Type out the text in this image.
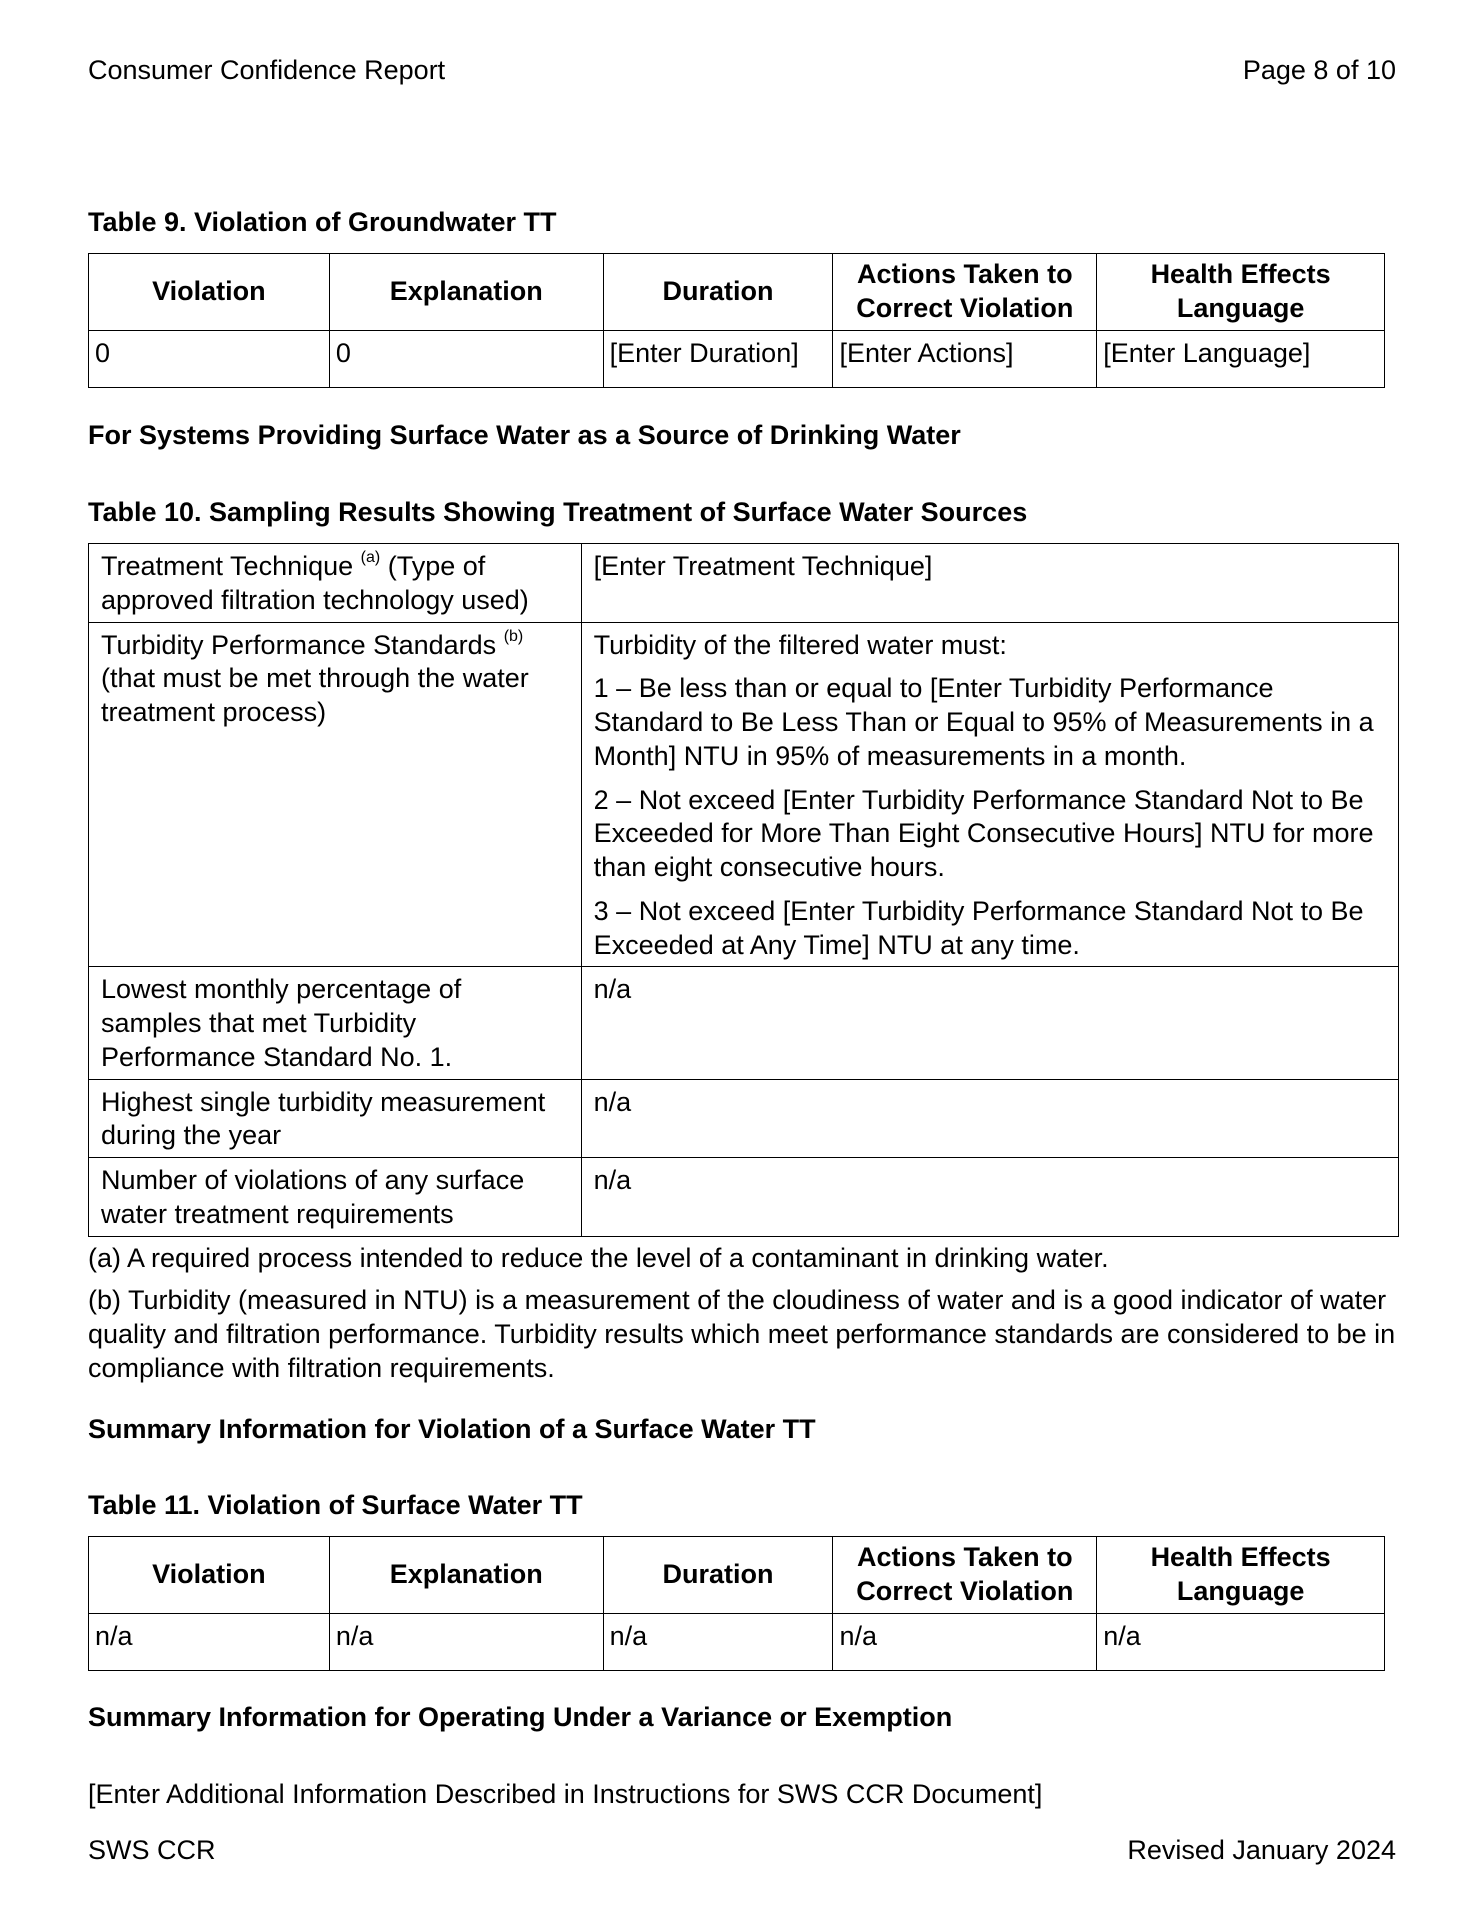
Consumer Confidence Report	Page 8 of 10
Table 9. Violation of Groundwater TT
Violation	Explanation	Duration	Actions Taken to Correct Violation	Health Effects Language
0	0	[Enter Duration]	[Enter Actions]	[Enter Language]
For Systems Providing Surface Water as a Source of Drinking Water
Table 10. Sampling Results Showing Treatment of Surface Water Sources
Treatment Technique $^{(a)}$ (Type of approved filtration technology used)	[Enter Treatment Technique]
Turbidity Performance Standards $^{(b)}$ (that must be met through the water treatment process)	Turbidity of the filtered water must:
1 – Be less than or equal to [Enter Turbidity Performance Standard to Be Less Than or Equal to 95% of Measurements in a Month] NTU in 95% of measurements in a month.
2 – Not exceed [Enter Turbidity Performance Standard Not to Be Exceeded for More Than Eight Consecutive Hours] NTU for more than eight consecutive hours.
3 – Not exceed [Enter Turbidity Performance Standard Not to Be Exceeded at Any Time] NTU at any time.

Lowest monthly percentage of samples that met Turbidity Performance Standard No. 1.	n/a
Highest single turbidity measurement during the year	n/a
Number of violations of any surface water treatment requirements	n/a
(a) A required process intended to reduce the level of a contaminant in drinking water.
(b) Turbidity (measured in NTU) is a measurement of the cloudiness of water and is a good indicator of water quality and filtration performance. Turbidity results which meet performance standards are considered to be in compliance with filtration requirements.
Summary Information for Violation of a Surface Water TT
Table 11. Violation of Surface Water TT
Violation	Explanation	Duration	Actions Taken to Correct Violation	Health Effects Language
n/a	n/a	n/a	n/a	n/a
Summary Information for Operating Under a Variance or Exemption
[Enter Additional Information Described in Instructions for SWS CCR Document]
SWS CCR	Revised January 2024
